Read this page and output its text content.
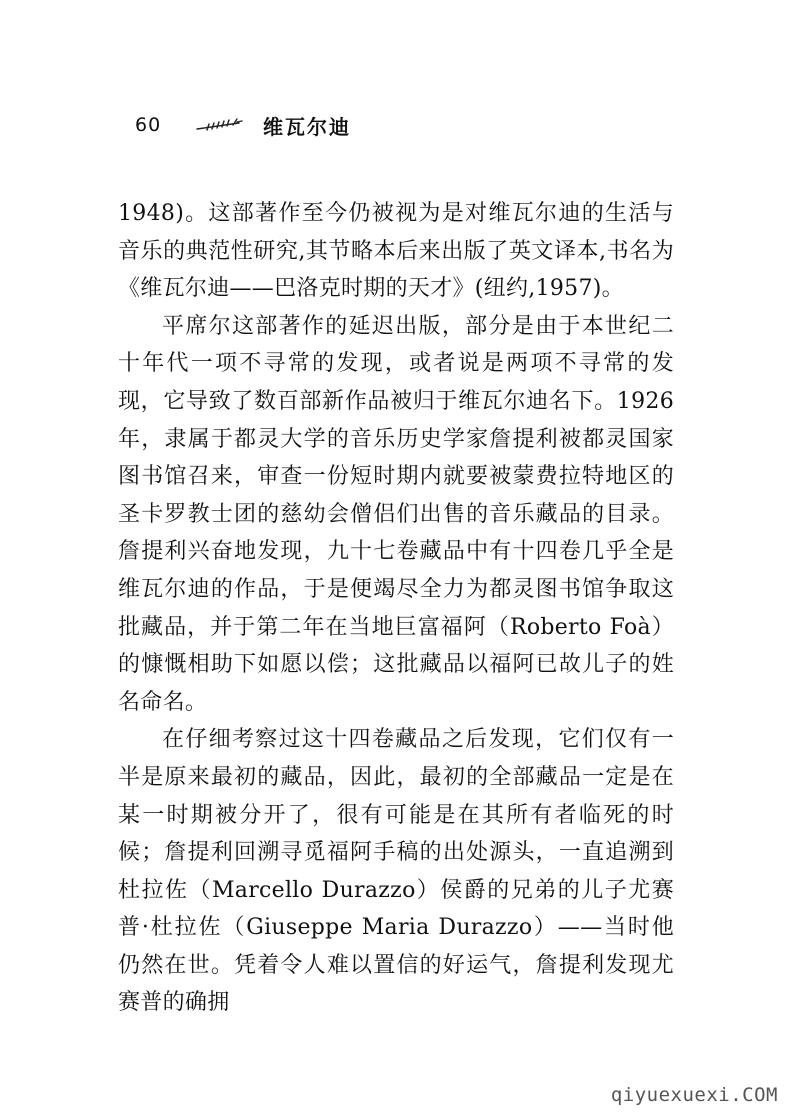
60	维瓦尔迪

1948)。这部著作至今仍被视为是对维瓦尔迪的生活与音乐的典范性研究,其节略本后来出版了英文译本,书名为《维瓦尔迪——巴洛克时期的天才》(纽约,1957)。

平席尔这部著作的延迟出版，部分是由于本世纪二十年代一项不寻常的发现，或者说是两项不寻常的发现，它导致了数百部新作品被归于维瓦尔迪名下。1926年，隶属于都灵大学的音乐历史学家詹提利被都灵国家图书馆召来，审查一份短时期内就要被蒙费拉特地区的圣卡罗教士团的慈幼会僧侣们出售的音乐藏品的目录。詹提利兴奋地发现，九十七卷藏品中有十四卷几乎全是维瓦尔迪的作品，于是便竭尽全力为都灵图书馆争取这批藏品，并于第二年在当地巨富福阿（Roberto Foà）的慷慨相助下如愿以偿；这批藏品以福阿已故儿子的姓名命名。

在仔细考察过这十四卷藏品之后发现，它们仅有一半是原来最初的藏品，因此，最初的全部藏品一定是在某一时期被分开了，很有可能是在其所有者临死的时候；詹提利回溯寻觅福阿手稿的出处源头，一直追溯到杜拉佐（Marcello Durazzo）侯爵的兄弟的儿子尤赛普·杜拉佐（Giuseppe Maria Durazzo）——当时他仍然在世。凭着令人难以置信的好运气，詹提利发现尤赛普的确拥

qiyuexuexi.COM
